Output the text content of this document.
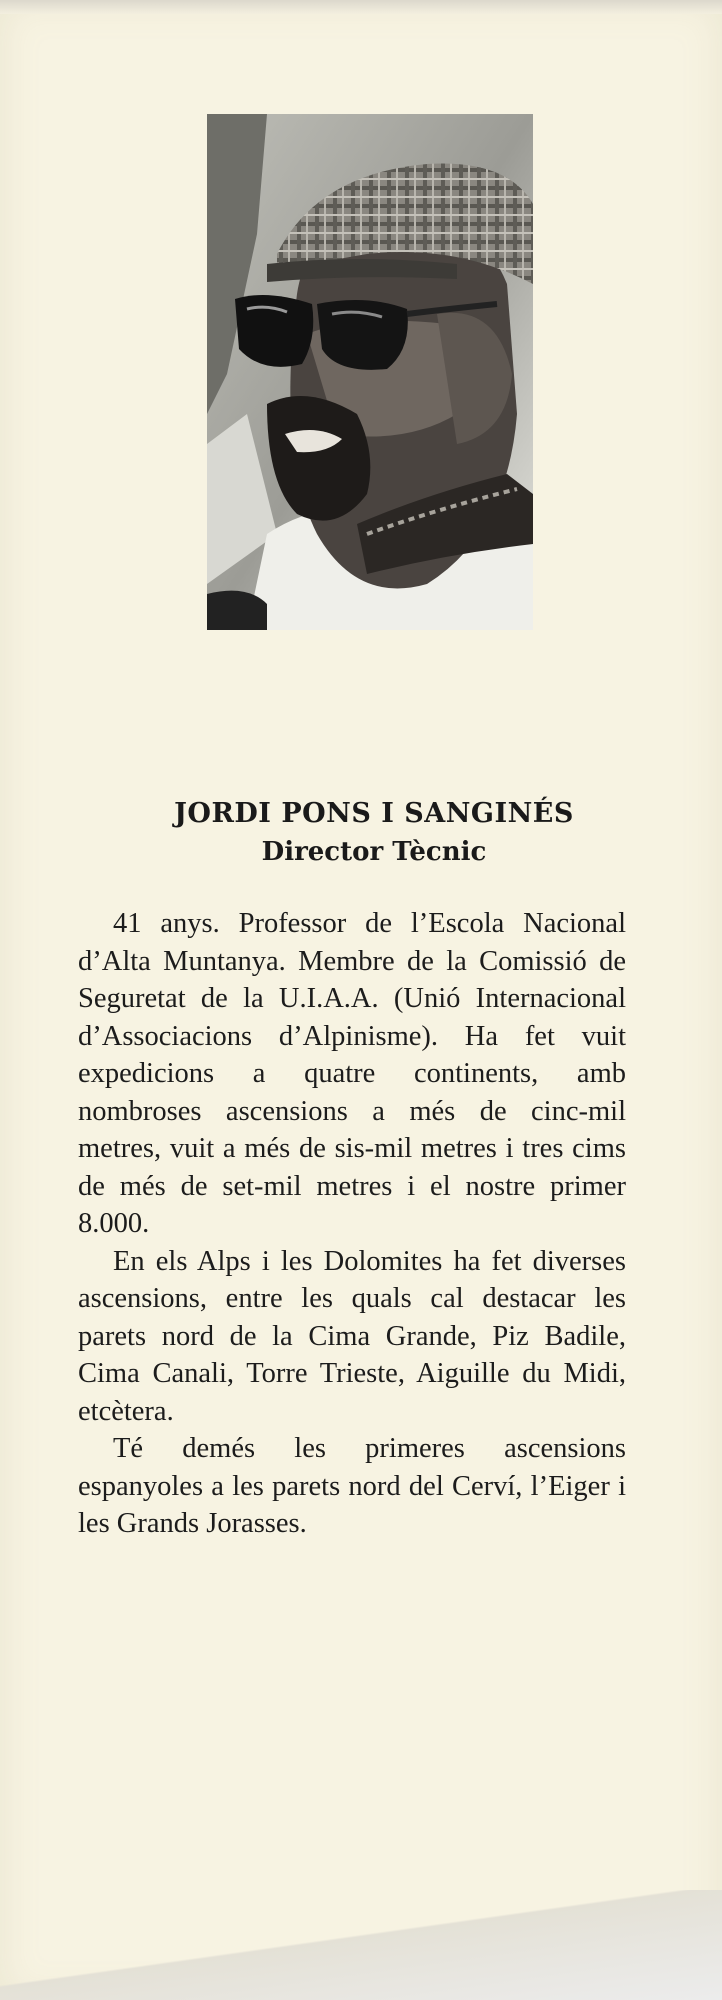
JORDI PONS I SANGINÉS
Director Tècnic

41 anys. Professor de l’Escola Nacional d’Alta Muntanya. Membre de la Comissió de Seguretat de la U.I.A.A. (Unió Internacional d’Associacions d’Alpinisme). Ha fet vuit expedicions a quatre continents, amb nombroses ascensions a més de cinc-mil metres, vuit a més de sis-mil metres i tres cims de més de set-mil metres i el nostre primer 8.000.

En els Alps i les Dolomites ha fet diverses ascensions, entre les quals cal destacar les parets nord de la Cima Grande, Piz Badile, Cima Canali, Torre Trieste, Aiguille du Midi, etcètera.

Té demés les primeres ascensions espanyoles a les parets nord del Cerví, l’Eiger i les Grands Jorasses.
